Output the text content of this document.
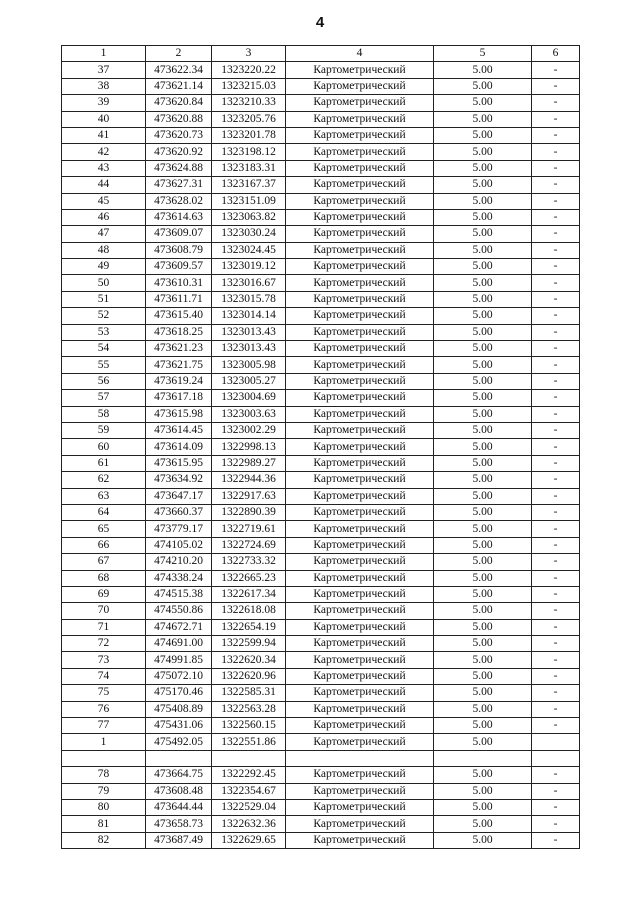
4
1	2	3	4	5	6
37	473622.34	1323220.22	Картометрический	5.00	-
38	473621.14	1323215.03	Картометрический	5.00	-
39	473620.84	1323210.33	Картометрический	5.00	-
40	473620.88	1323205.76	Картометрический	5.00	-
41	473620.73	1323201.78	Картометрический	5.00	-
42	473620.92	1323198.12	Картометрический	5.00	-
43	473624.88	1323183.31	Картометрический	5.00	-
44	473627.31	1323167.37	Картометрический	5.00	-
45	473628.02	1323151.09	Картометрический	5.00	-
46	473614.63	1323063.82	Картометрический	5.00	-
47	473609.07	1323030.24	Картометрический	5.00	-
48	473608.79	1323024.45	Картометрический	5.00	-
49	473609.57	1323019.12	Картометрический	5.00	-
50	473610.31	1323016.67	Картометрический	5.00	-
51	473611.71	1323015.78	Картометрический	5.00	-
52	473615.40	1323014.14	Картометрический	5.00	-
53	473618.25	1323013.43	Картометрический	5.00	-
54	473621.23	1323013.43	Картометрический	5.00	-
55	473621.75	1323005.98	Картометрический	5.00	-
56	473619.24	1323005.27	Картометрический	5.00	-
57	473617.18	1323004.69	Картометрический	5.00	-
58	473615.98	1323003.63	Картометрический	5.00	-
59	473614.45	1323002.29	Картометрический	5.00	-
60	473614.09	1322998.13	Картометрический	5.00	-
61	473615.95	1322989.27	Картометрический	5.00	-
62	473634.92	1322944.36	Картометрический	5.00	-
63	473647.17	1322917.63	Картометрический	5.00	-
64	473660.37	1322890.39	Картометрический	5.00	-
65	473779.17	1322719.61	Картометрический	5.00	-
66	474105.02	1322724.69	Картометрический	5.00	-
67	474210.20	1322733.32	Картометрический	5.00	-
68	474338.24	1322665.23	Картометрический	5.00	-
69	474515.38	1322617.34	Картометрический	5.00	-
70	474550.86	1322618.08	Картометрический	5.00	-
71	474672.71	1322654.19	Картометрический	5.00	-
72	474691.00	1322599.94	Картометрический	5.00	-
73	474991.85	1322620.34	Картометрический	5.00	-
74	475072.10	1322620.96	Картометрический	5.00	-
75	475170.46	1322585.31	Картометрический	5.00	-
76	475408.89	1322563.28	Картометрический	5.00	-
77	475431.06	1322560.15	Картометрический	5.00	-
1	475492.05	1322551.86	Картометрический	5.00	

78	473664.75	1322292.45	Картометрический	5.00	-
79	473608.48	1322354.67	Картометрический	5.00	-
80	473644.44	1322529.04	Картометрический	5.00	-
81	473658.73	1322632.36	Картометрический	5.00	-
82	473687.49	1322629.65	Картометрический	5.00	-
